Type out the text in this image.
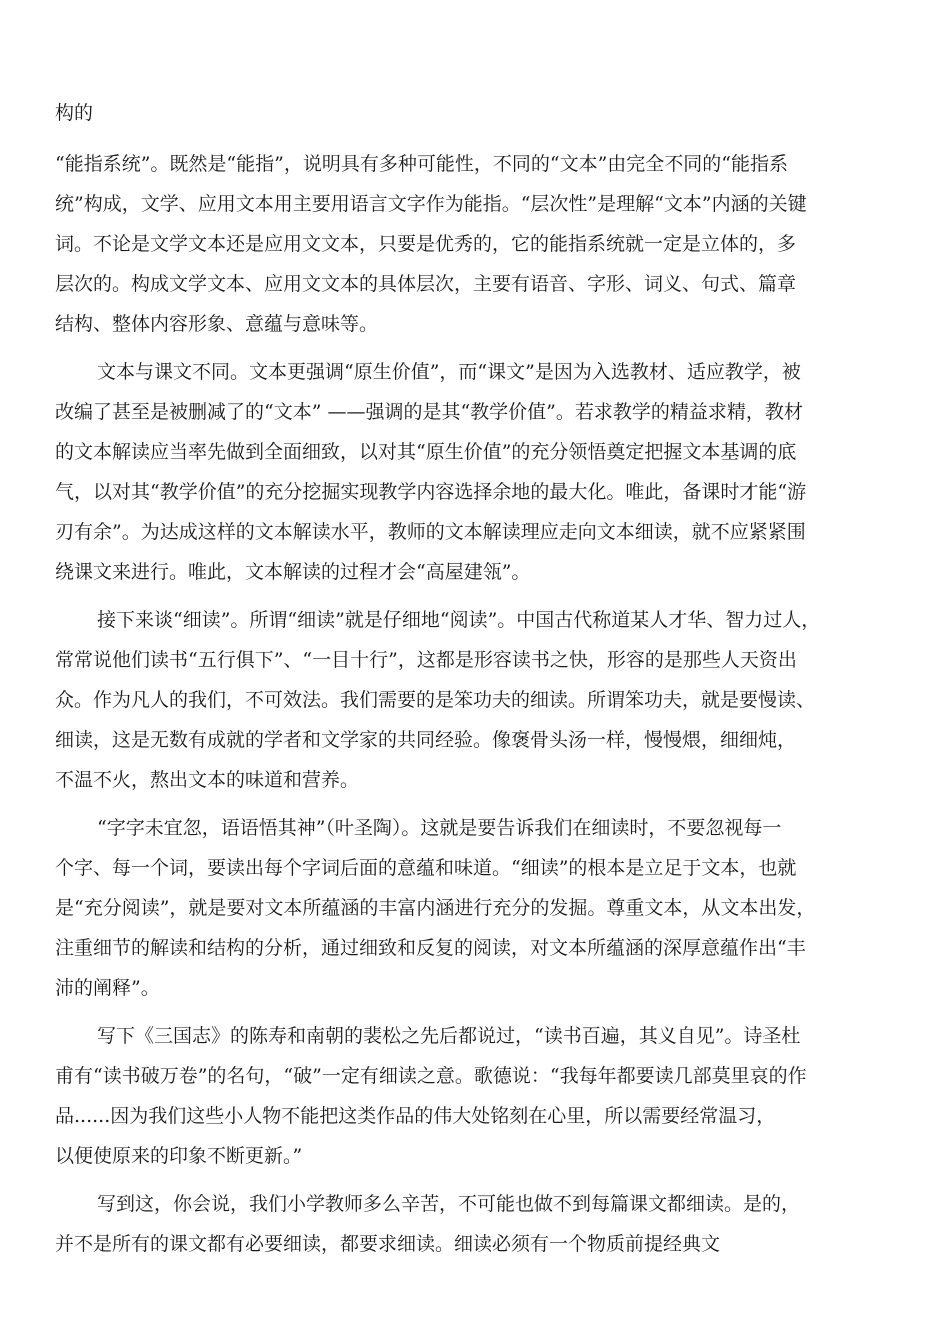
构的

“能指系统”。既然是“能指”，说明具有多种可能性，不同的“文本”由完全不同的“能指系
统”构成，文学、应用文本用主要用语言文字作为能指。“层次性”是理解“文本”内涵的关键
词。不论是文学文本还是应用文文本，只要是优秀的，它的能指系统就一定是立体的，多
层次的。构成文学文本、应用文文本的具体层次，主要有语音、字形、词义、句式、篇章
结构、整体内容形象、意蕴与意味等。

文本与课文不同。文本更强调“原生价值”，而“课文”是因为入选教材、适应教学，被
改编了甚至是被删减了的“文本” ——强调的是其“教学价值”。若求教学的精益求精，教材
的文本解读应当率先做到全面细致，以对其“原生价值”的充分领悟奠定把握文本基调的底
气，以对其“教学价值”的充分挖掘实现教学内容选择余地的最大化。唯此，备课时才能“游
刃有余”。为达成这样的文本解读水平，教师的文本解读理应走向文本细读，就不应紧紧围
绕课文来进行。唯此，文本解读的过程才会“高屋建瓴”。

接下来谈“细读”。所谓“细读”就是仔细地“阅读”。中国古代称道某人才华、智力过人，
常常说他们读书“五行俱下”、“一目十行”，这都是形容读书之快，形容的是那些人天资出
众。作为凡人的我们，不可效法。我们需要的是笨功夫的细读。所谓笨功夫，就是要慢读、
细读，这是无数有成就的学者和文学家的共同经验。像褒骨头汤一样，慢慢煨，细细炖，
不温不火，熬出文本的味道和营养。

“字字未宜忽，语语悟其神”（叶圣陶）。这就是要告诉我们在细读时，不要忽视每一
个字、每一个词，要读出每个字词后面的意蕴和味道。“细读”的根本是立足于文本，也就
是“充分阅读”，就是要对文本所蕴涵的丰富内涵进行充分的发掘。尊重文本，从文本出发，
注重细节的解读和结构的分析，通过细致和反复的阅读，对文本所蕴涵的深厚意蕴作出“丰
沛的阐释”。

写下《三国志》的陈寿和南朝的裴松之先后都说过，“读书百遍，其义自见”。诗圣杜
甫有“读书破万卷”的名句，“破”一定有细读之意。歌德说：“我每年都要读几部莫里哀的作
品......因为我们这些小人物不能把这类作品的伟大处铭刻在心里，所以需要经常温习，
以便使原来的印象不断更新。”

写到这，你会说，我们小学教师多么辛苦，不可能也做不到每篇课文都细读。是的，
并不是所有的课文都有必要细读，都要求细读。细读必须有一个物质前提经典文
